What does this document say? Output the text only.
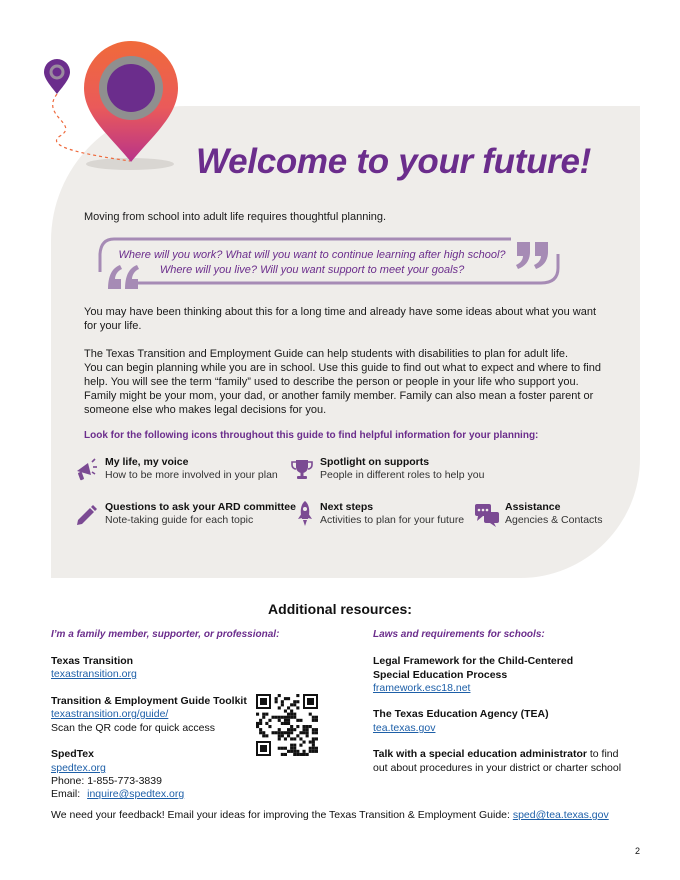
Welcome to your future!
Moving from school into adult life requires thoughtful planning.
Where will you work? What will you want to continue learning after high school?
Where will you live? Will you want support to meet your goals?
You may have been thinking about this for a long time and already have some ideas about what you want for your life.
The Texas Transition and Employment Guide can help students with disabilities to plan for adult life.
You can begin planning while you are in school. Use this guide to find out what to expect and where to find
help. You will see the term “family” used to describe the person or people in your life who support you.
Family might be your mom, your dad, or another family member. Family can also mean a foster parent or
someone else who makes legal decisions for you.
Look for the following icons throughout this guide to find helpful information for your planning:
My life, my voice
How to be more involved in your plan
Spotlight on supports
People in different roles to help you
Questions to ask your ARD committee
Note-taking guide for each topic
Next steps
Activities to plan for your future
Assistance
Agencies & Contacts
Additional resources:
I’m a family member, supporter, or professional:	Laws and requirements for schools:
Texas Transition
texastransition.org
Transition & Employment Guide Toolkit
texastransition.org/guide/
Scan the QR code for quick access
SpedTex
spedtex.org
Phone: 1-855-773-3839
Email: inquire@spedtex.org
Legal Framework for the Child-Centered
Special Education Process
framework.esc18.net
The Texas Education Agency (TEA)
tea.texas.gov
Talk with a special education administrator to find
out about procedures in your district or charter school
We need your feedback! Email your ideas for improving the Texas Transition & Employment Guide: sped@tea.texas.gov
2
